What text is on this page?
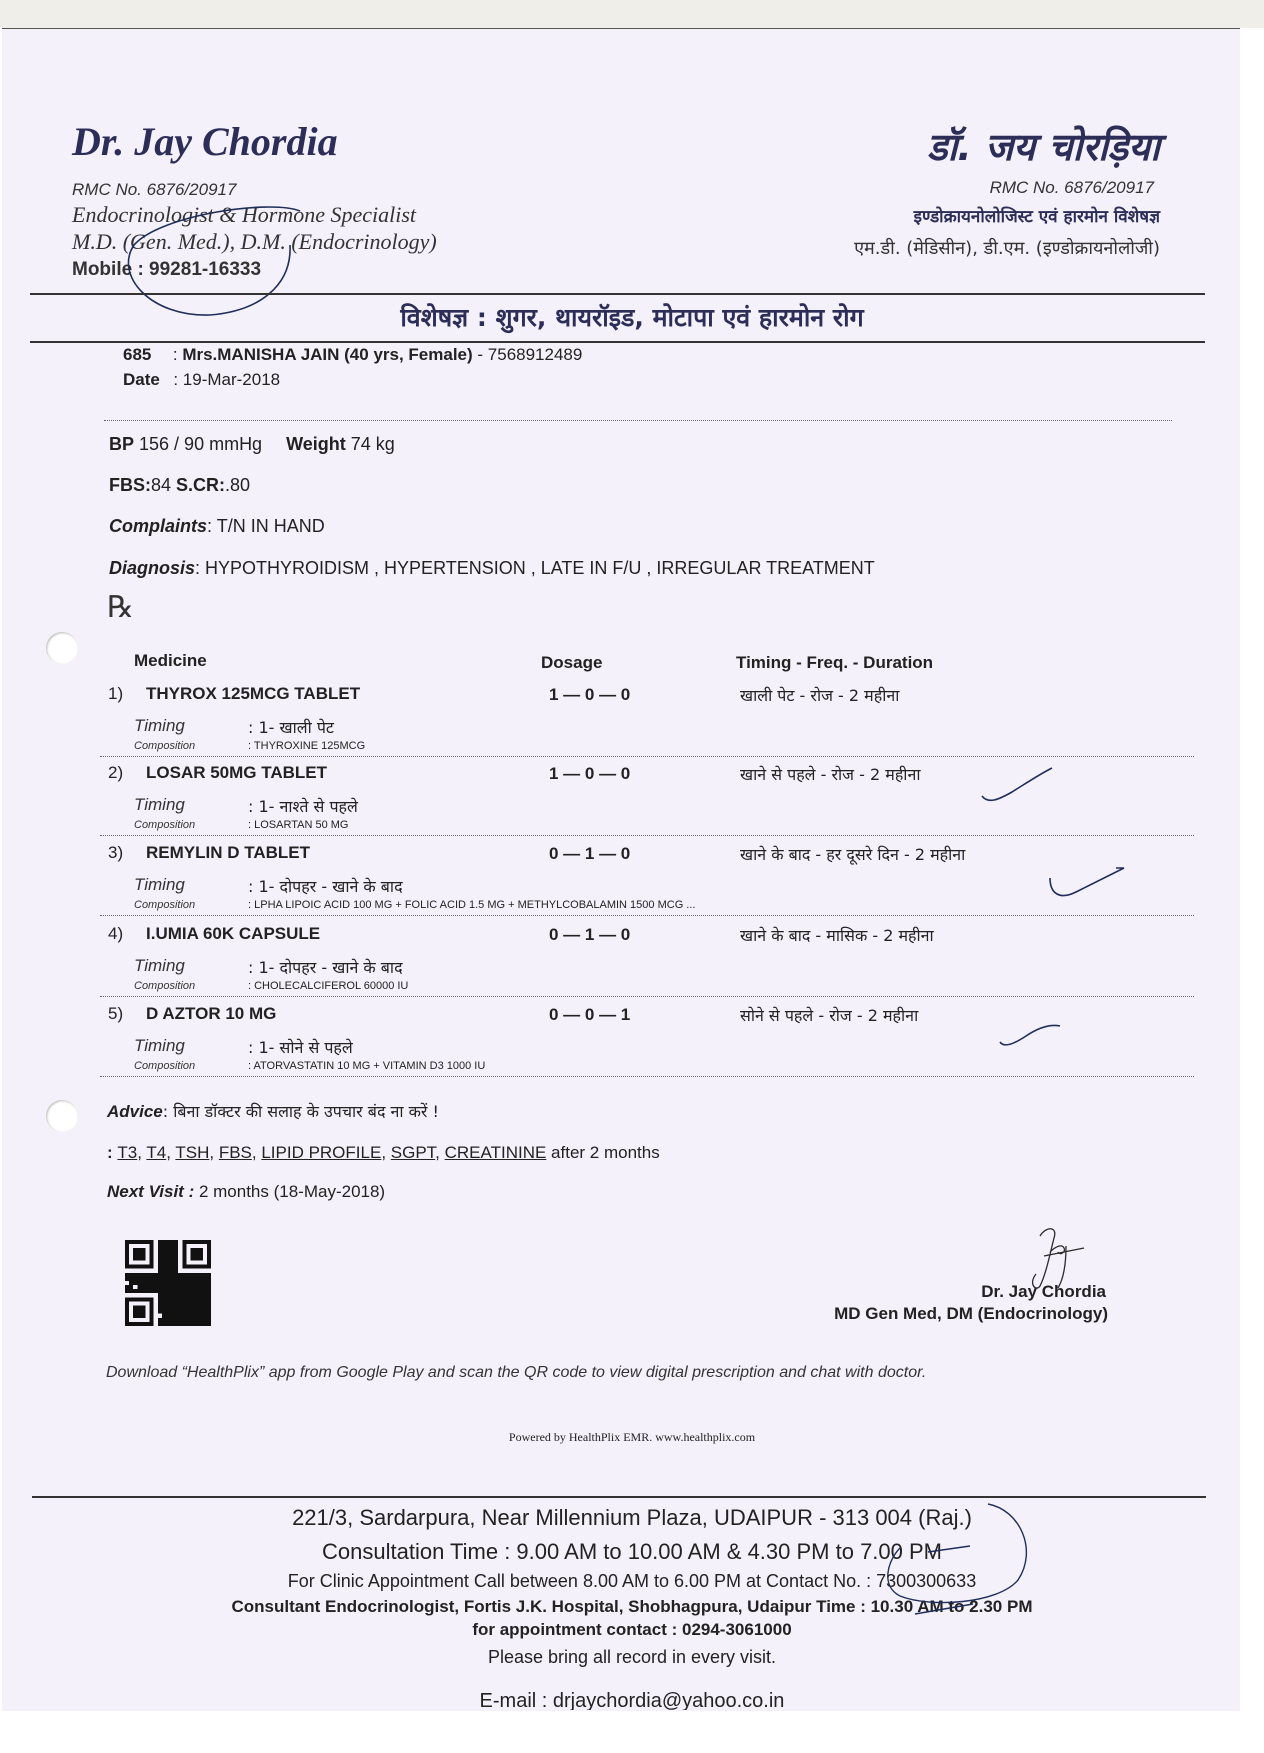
Dr. Jay Chordia
RMC No. 6876/20917
Endocrinologist & Hormone Specialist
M.D. (Gen. Med.), D.M. (Endocrinology)
Mobile : 99281-16333
डॉ. जय चोरड़िया
RMC No. 6876/20917
इण्डोक्रायनोलोजिस्ट एवं हारमोन विशेषज्ञ
एम.डी. (मेडिसीन), डी.एम. (इण्डोक्रायनोलोजी)
विशेषज्ञ : शुगर, थायरॉइड, मोटापा एवं हारमोन रोग
685 : Mrs.MANISHA JAIN (40 yrs, Female) - 7568912489
Date : 19-Mar-2018
BP 156 / 90 mmHg Weight 74 kg
FBS:84 S.CR:.80
Complaints: T/N IN HAND
Diagnosis: HYPOTHYROIDISM , HYPERTENSION , LATE IN F/U , IRREGULAR TREATMENT
℞
Medicine	Dosage	Timing - Freq. - Duration
1) THYROX 125MCG TABLET	1 — 0 — 0	खाली पेट - रोज - 2 महीना
Timing	: 1- खाली पेट
Composition	: THYROXINE 125MCG
2) LOSAR 50MG TABLET	1 — 0 — 0	खाने से पहले - रोज - 2 महीना
Timing	: 1- नाश्ते से पहले
Composition	: LOSARTAN 50 MG
3) REMYLIN D TABLET	0 — 1 — 0	खाने के बाद - हर दूसरे दिन - 2 महीना
Timing	: 1- दोपहर - खाने के बाद
Composition	: LPHA LIPOIC ACID 100 MG + FOLIC ACID 1.5 MG + METHYLCOBALAMIN 1500 MCG ...
4) I.UMIA 60K CAPSULE	0 — 1 — 0	खाने के बाद - मासिक - 2 महीना
Timing	: 1- दोपहर - खाने के बाद
Composition	: CHOLECALCIFEROL 60000 IU
5) D AZTOR 10 MG	0 — 0 — 1	सोने से पहले - रोज - 2 महीना
Timing	: 1- सोने से पहले
Composition	: ATORVASTATIN 10 MG + VITAMIN D3 1000 IU
Advice: बिना डॉक्टर की सलाह के उपचार बंद ना करें !
: T3, T4, TSH, FBS, LIPID PROFILE, SGPT, CREATININE after 2 months
Next Visit : 2 months (18-May-2018)
Dr. Jay Chordia
MD Gen Med, DM (Endocrinology)
Download “HealthPlix” app from Google Play and scan the QR code to view digital prescription and chat with doctor.
Powered by HealthPlix EMR. www.healthplix.com
221/3, Sardarpura, Near Millennium Plaza, UDAIPUR - 313 004 (Raj.)
Consultation Time : 9.00 AM to 10.00 AM & 4.30 PM to 7.00 PM
For Clinic Appointment Call between 8.00 AM to 6.00 PM at Contact No. : 7300300633
Consultant Endocrinologist, Fortis J.K. Hospital, Shobhagpura, Udaipur Time : 10.30 AM to 2.30 PM
for appointment contact : 0294-3061000
Please bring all record in every visit.
E-mail : drjaychordia@yahoo.co.in
